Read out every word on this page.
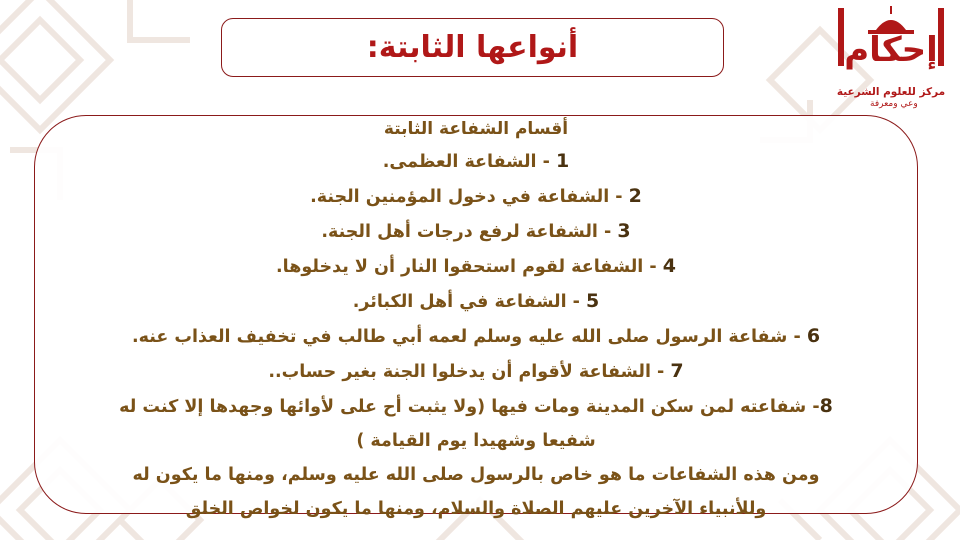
أنواعها الثابتة:	إحكام
مركز للعلوم الشرعية
وعي ومعرفة
أقسام الشفاعة الثابتة
1 - الشفاعة العظمى.
2 - الشفاعة في دخول المؤمنين الجنة.
3 - الشفاعة لرفع درجات أهل الجنة.
4 - الشفاعة لقوم استحقوا النار أن لا يدخلوها.
5 - الشفاعة في أهل الكبائر.
6 - شفاعة الرسول صلى الله عليه وسلم لعمه أبي طالب في تخفيف العذاب عنه.
7 - الشفاعة لأقوام أن يدخلوا الجنة بغير حساب..
8- شفاعته لمن سكن المدينة ومات فيها (ولا يثبت أح على لأوائها وجهدها إلا كنت له
شفيعا وشهيدا يوم القيامة )
ومن هذه الشفاعات ما هو خاص بالرسول صلى الله عليه وسلم، ومنها ما يكون له
وللأنبياء الآخرين عليهم الصلاة والسلام، ومنها ما يكون لخواص الخلق
